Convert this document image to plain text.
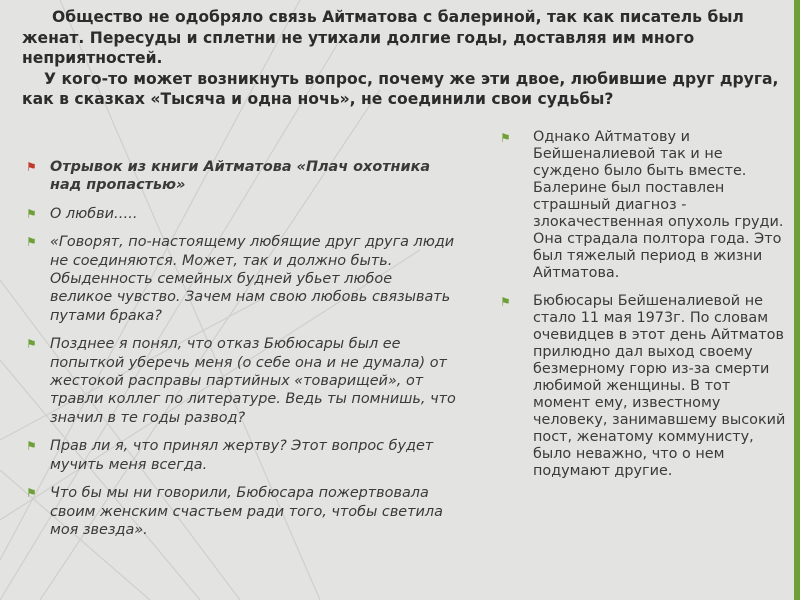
Общество не одобряло связь Айтматова с балериной, так как писатель был женат. Пересуды и сплетни не утихали долгие годы, доставляя им много неприятностей.

У кого-то может возникнуть вопрос, почему же эти двое, любившие друг друга, как в сказках «Тысяча и одна ночь», не соединили свои судьбы?

⚑ Отрывок из книги Айтматова «Плач охотника над пропастью»
⚑ О любви…..
⚑ «Говорят, по-настоящему любящие друг друга люди не соединяются. Может, так и должно быть. Обыденность семейных будней убьет любое великое чувство. Зачем нам свою любовь связывать путами брака?
⚑ Позднее я понял, что отказ Бюбюсары был ее попыткой уберечь меня (о себе она и не думала) от жестокой расправы партийных «товарищей», от травли коллег по литературе. Ведь ты помнишь, что значил в те годы развод?
⚑ Прав ли я, что принял жертву? Этот вопрос будет мучить меня всегда.
⚑ Что бы мы ни говорили, Бюбюсара пожертвовала своим женским счастьем ради того, чтобы светила моя звезда».
⚑ Однако Айтматову и Бейшеналиевой так и не суждено было быть вместе. Балерине был поставлен страшный диагноз - злокачественная опухоль груди. Она страдала полтора года. Это был тяжелый период в жизни Айтматова.
⚑ Бюбюсары Бейшеналиевой не стало 11 мая 1973г. По словам очевидцев в этот день Айтматов прилюдно дал выход своему безмерному горю из-за смерти любимой женщины. В тот момент ему, известному человеку, занимавшему высокий пост, женатому коммунисту, было неважно, что о нем подумают другие.
